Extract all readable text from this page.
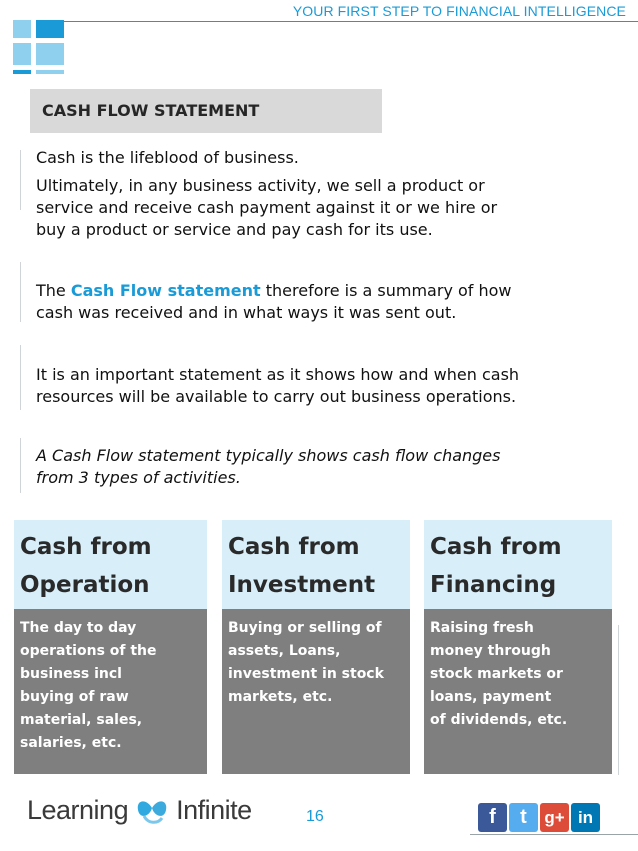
YOUR FIRST STEP TO FINANCIAL INTELLIGENCE
CASH FLOW STATEMENT
Cash is the lifeblood of business.
Ultimately, in any business activity, we sell a product or
service and receive cash payment against it or we hire or
buy a product or service and pay cash for its use.
The Cash Flow statement therefore is a summary of how
cash was received and in what ways it was sent out.
It is an important statement as it shows how and when cash
resources will be available to carry out business operations.
A Cash Flow statement typically shows cash flow changes
from 3 types of activities.
Cash from
Operation
The day to day
operations of the
business incl
buying of raw
material, sales,
salaries, etc.
Cash from
Investment
Buying or selling of
assets, Loans,
investment in stock
markets, etc.
Cash from
Financing
Raising fresh
money through
stock markets or
loans, payment
of dividends, etc.
Learning Infinite	16	f	t	g+ in
